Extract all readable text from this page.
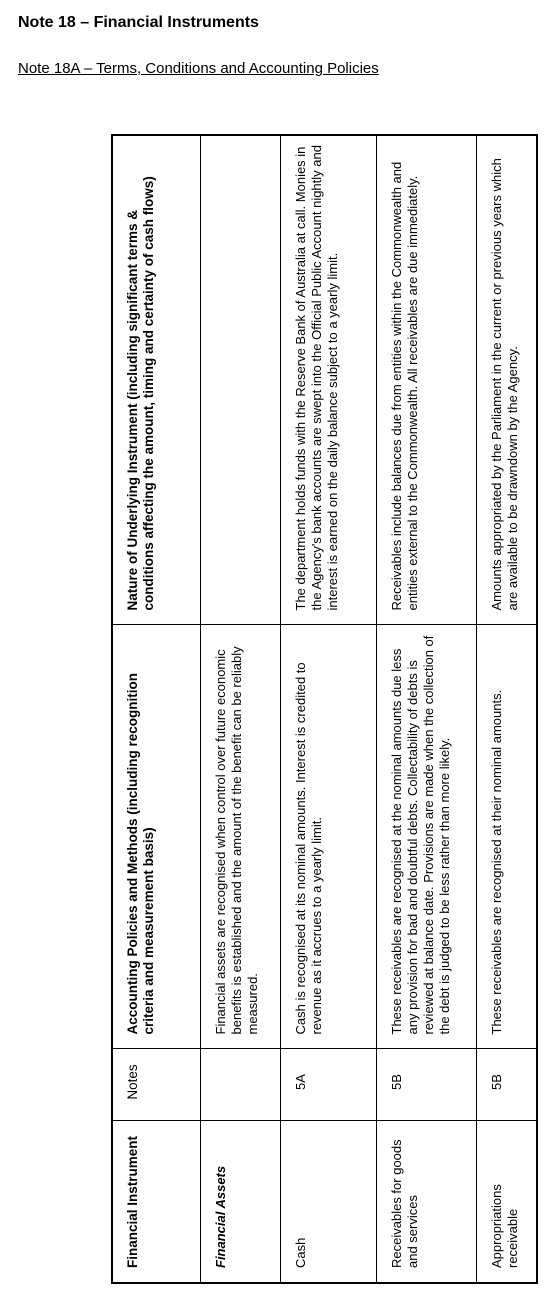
Note 18 – Financial Instruments
Note 18A – Terms, Conditions and Accounting Policies
Financial Instrument	Notes	Accounting Policies and Methods (including recognition criteria and measurement basis)	Nature of Underlying Instrument (including significant terms & conditions affecting the amount, timing and certainty of cash flows)
Financial Assets		Financial assets are recognised when control over future economic benefits is established and the amount of the benefit can be reliably measured.	
Cash	5A	Cash is recognised at its nominal amounts. Interest is credited to revenue as it accrues to a yearly limit.	The department holds funds with the Reserve Bank of Australia at call. Monies in the Agency's bank accounts are swept into the Official Public Account nightly and interest is earned on the daily balance subject to a yearly limit.
Receivables for goods and services	5B	These receivables are recognised at the nominal amounts due less any provision for bad and doubtful debts. Collectability of debts is reviewed at balance date. Provisions are made when the collection of the debt is judged to be less rather than more likely.	Receivables include balances due from entities within the Commonwealth and entities external to the Commonwealth. All receivables are due immediately.
Appropriations receivable	5B	These receivables are recognised at their nominal amounts.	Amounts appropriated by the Parliament in the current or previous years which are available to be drawndown by the Agency.
